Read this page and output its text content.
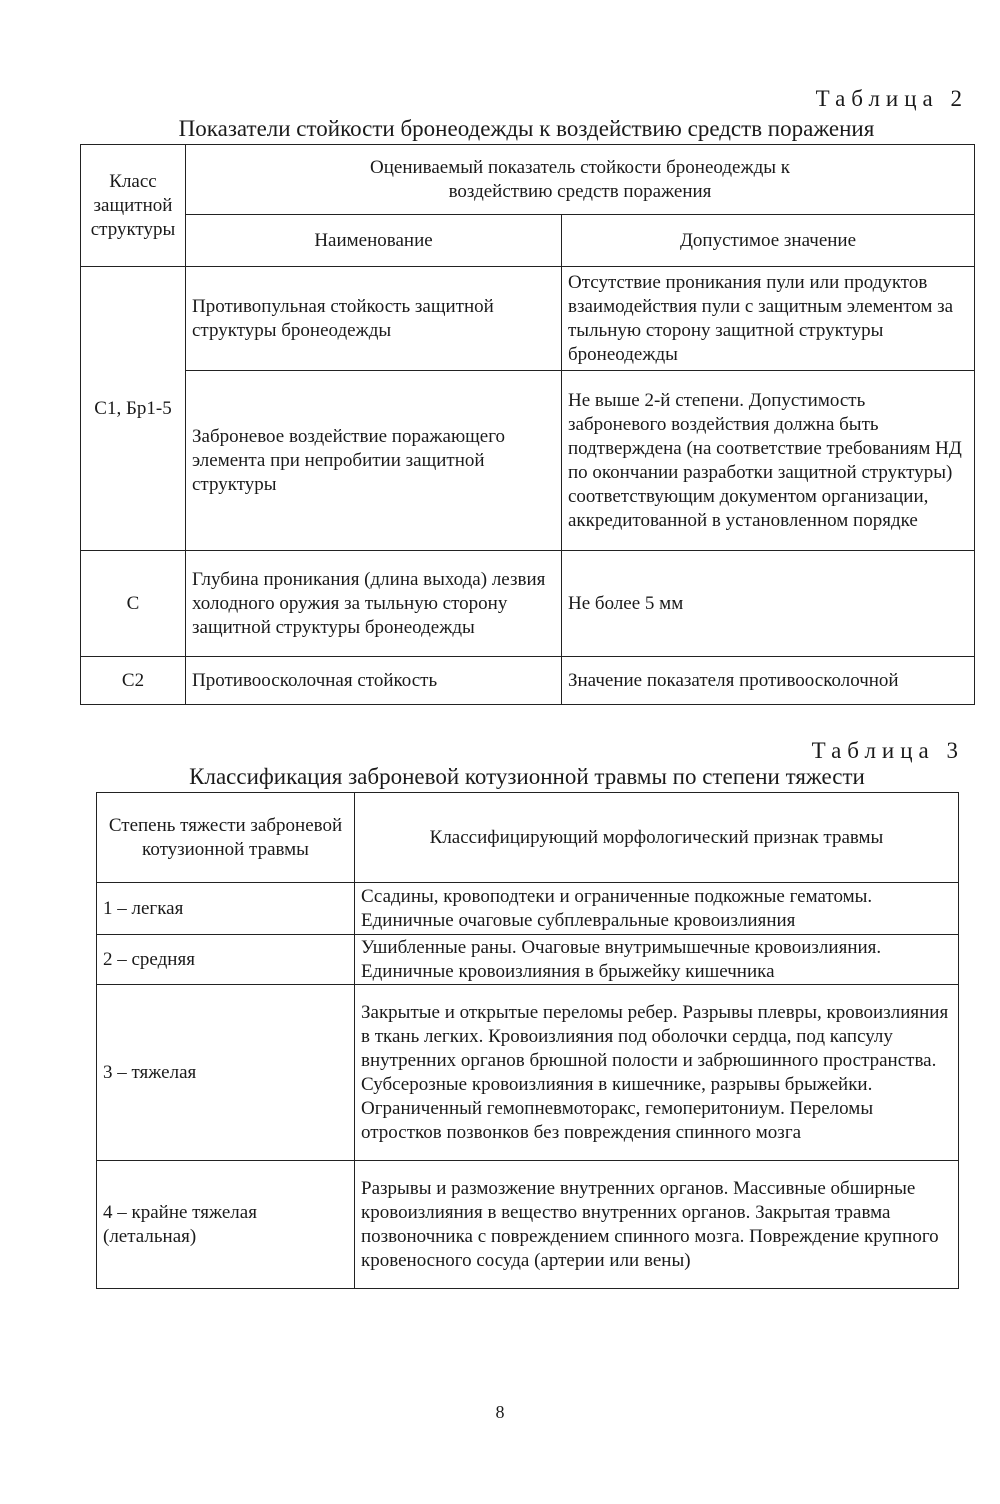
Таблица 2
Показатели стойкости бронеодежды к воздействию средств поражения
Класс защитной структуры	Оцениваемый показатель стойкости бронеодежды к воздействию средств поражения	
	Наименование	Допустимое значение
С1, Бр1-5	Противопульная стойкость защитной структуры бронеодежды	Отсутствие проникания пули или продуктов взаимодействия пули с защитным элементом за тыльную сторону защитной структуры бронеодежды
	Заброневое воздействие поражающего элемента при непробитии защитной структуры	Не выше 2-й степени. Допустимость заброневого воздействия должна быть подтверждена (на соответствие требованиям НД по окончании разработки защитной структуры) соответствующим документом организации, аккредитованной в установленном порядке
С	Глубина проникания (длина выхода) лезвия холодного оружия за тыльную сторону защитной структуры бронеодежды	Не более 5 мм
С2	Противоосколочная стойкость	Значение показателя противоосколочной
Таблица 3
Классификация заброневой котузионной травмы по степени тяжести
Степень тяжести заброневой котузионной травмы	Классифицирующий морфологический признак травмы
1 – легкая	Ссадины, кровоподтеки и ограниченные подкожные гематомы. Единичные очаговые субплевральные кровоизлияния
2 – средняя	Ушибленные раны. Очаговые внутримышечные кровоизлияния. Единичные кровоизлияния в брыжейку кишечника
3 – тяжелая	Закрытые и открытые переломы ребер. Разрывы плевры, кровоизлияния в ткань легких. Кровоизлияния под оболочки сердца, под капсулу внутренних органов брюшной полости и забрюшинного пространства. Субсерозные кровоизлияния в кишечнике, разрывы брыжейки. Ограниченный гемопневмоторакс, гемоперитониум. Переломы отростков позвонков без повреждения спинного мозга
4 – крайне тяжелая (летальная)	Разрывы и размозжение внутренних органов. Массивные обширные кровоизлияния в вещество внутренних органов. Закрытая травма позвоночника с повреждением спинного мозга. Повреждение крупного кровеносного сосуда (артерии или вены)
8
